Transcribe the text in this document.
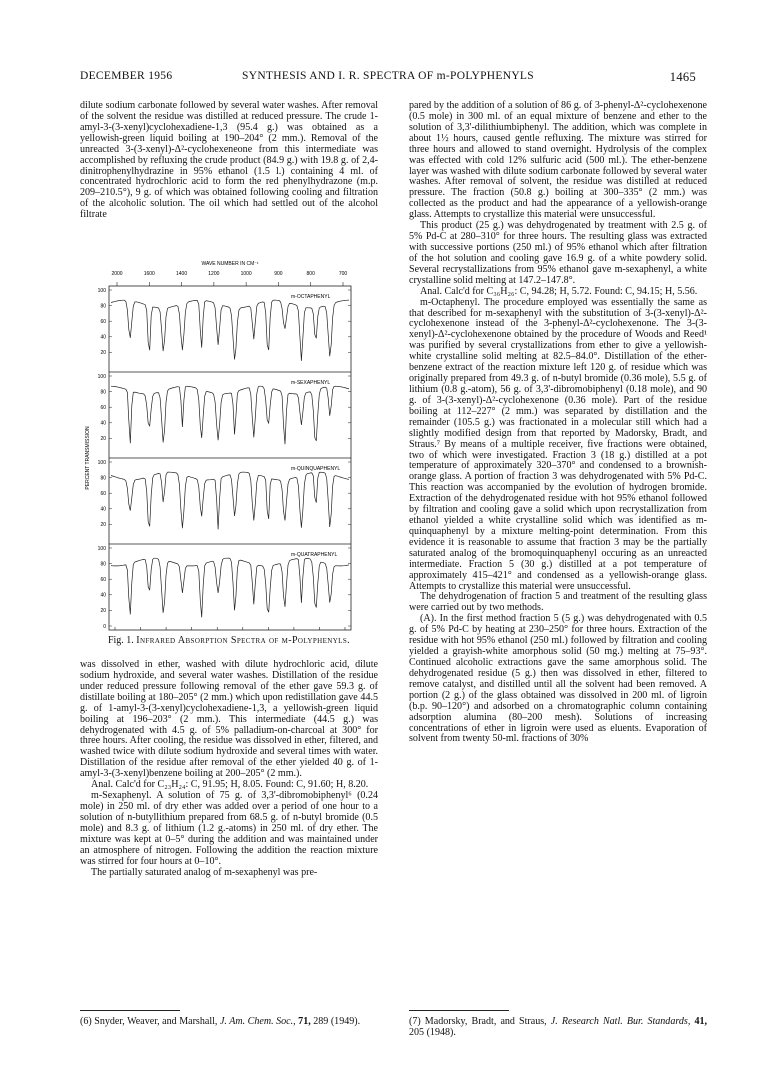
DECEMBER 1956	SYNTHESIS AND I. R. SPECTRA OF m-POLYPHENYLS	1465

dilute sodium carbonate followed by several water washes. After removal of the solvent the residue was distilled at reduced pressure. The crude 1-amyl-3-(3-xenyl)cyclohexadiene-1,3 (95.4 g.) was obtained as a yellowish-green liquid boiling at 190–204° (2 mm.). Removal of the unreacted 3-(3-xenyl)-Δ²-cyclohexeneone from this intermediate was accomplished by refluxing the crude product (84.9 g.) with 19.8 g. of 2,4-dinitrophenylhydrazine in 95% ethanol (1.5 l.) containing 4 ml. of concentrated hydrochloric acid to form the red phenylhydrazone (m.p. 209–210.5°), 9 g. of which was obtained following cooling and filtration of the alcoholic solution. The oil which had settled out of the alcohol filtrate

WAVE NUMBER IN CM⁻¹
2000	1600	1400	1200	1000	900	800	700
PERCENT TRANSMISSION
100
80
60
40
20
m-OCTAPHENYL
100
80
60
40
20
m-SEXAPHENYL
100
80
60
40
20
m-QUINQUAPHENYL
100
80
60
40
20
0
m-QUATRAPHENYL
Fig. 1. Infrared Absorption Spectra of m-Polyphenyls.

was dissolved in ether, washed with dilute hydrochloric acid, dilute sodium hydroxide, and several water washes. Distillation of the residue under reduced pressure following removal of the ether gave 59.3 g. of distillate boiling at 180–205° (2 mm.) which upon redistillation gave 44.5 g. of 1-amyl-3-(3-xenyl)cyclohexadiene-1,3, a yellowish-green liquid boiling at 196–203° (2 mm.). This intermediate (44.5 g.) was dehydrogenated with 4.5 g. of 5% palladium-on-charcoal at 300° for three hours. After cooling, the residue was dissolved in ether, filtered, and washed twice with dilute sodium hydroxide and several times with water. Distillation of the residue after removal of the ether yielded 40 g. of 1-amyl-3-(3-xenyl)benzene boiling at 200–205° (2 mm.).

Anal. Calc'd for C₂₃H₂₄: C, 91.95; H, 8.05. Found: C, 91.60; H, 8.20.

m-Sexaphenyl. A solution of 75 g. of 3,3'-dibromobiphenyl⁶ (0.24 mole) in 250 ml. of dry ether was added over a period of one hour to a solution of n-butyllithium prepared from 68.5 g. of n-butyl bromide (0.5 mole) and 8.3 g. of lithium (1.2 g.-atoms) in 250 ml. of dry ether. The mixture was kept at 0–5° during the addition and was maintained under an atmosphere of nitrogen. Following the addition the reaction mixture was stirred for four hours at 0–10°.

The partially saturated analog of m-sexaphenyl was pre-

pared by the addition of a solution of 86 g. of 3-phenyl-Δ²-cyclohexenone (0.5 mole) in 300 ml. of an equal mixture of benzene and ether to the solution of 3,3'-dilithiumbiphenyl. The addition, which was complete in about 1½ hours, caused gentle refluxing. The mixture was stirred for three hours and allowed to stand overnight. Hydrolysis of the complex was effected with cold 12% sulfuric acid (500 ml.). The ether-benzene layer was washed with dilute sodium carbonate followed by several water washes. After removal of solvent, the residue was distilled at reduced pressure. The fraction (50.8 g.) boiling at 300–335° (2 mm.) was collected as the product and had the appearance of a yellowish-orange glass. Attempts to crystallize this material were unsuccessful.

This product (25 g.) was dehydrogenated by treatment with 2.5 g. of 5% Pd-C at 280–310° for three hours. The resulting glass was extracted with successive portions (250 ml.) of 95% ethanol which after filtration of the hot solution and cooling gave 16.9 g. of a white powdery solid. Several recrystallizations from 95% ethanol gave m-sexaphenyl, a white crystalline solid melting at 147.2–147.8°.

Anal. Calc'd for C₃₆H₂₆: C, 94.28; H, 5.72. Found: C, 94.15; H, 5.56.

m-Octaphenyl. The procedure employed was essentially the same as that described for m-sexaphenyl with the substitution of 3-(3-xenyl)-Δ²-cyclohexenone instead of the 3-phenyl-Δ²-cyclohexenone. The 3-(3-xenyl)-Δ²-cyclohexenone obtained by the procedure of Woods and Reed¹ was purified by several crystallizations from ether to give a yellowish-white crystalline solid melting at 82.5–84.0°. Distillation of the ether-benzene extract of the reaction mixture left 120 g. of residue which was originally prepared from 49.3 g. of n-butyl bromide (0.36 mole), 5.5 g. of lithium (0.8 g.-atom), 56 g. of 3,3'-dibromobiphenyl (0.18 mole), and 90 g. of 3-(3-xenyl)-Δ²-cyclohexenone (0.36 mole). Part of the residue boiling at 112–227° (2 mm.) was separated by distillation and the remainder (105.5 g.) was fractionated in a molecular still which had a slightly modified design from that reported by Madorsky, Bradt, and Straus.⁷ By means of a multiple receiver, five fractions were obtained, two of which were investigated. Fraction 3 (18 g.) distilled at a pot temperature of approximately 320–370° and condensed to a brownish-orange glass. A portion of fraction 3 was dehydrogenated with 5% Pd-C. This reaction was accompanied by the evolution of hydrogen bromide. Extraction of the dehydrogenated residue with hot 95% ethanol followed by filtration and cooling gave a solid which upon recrystallization from ethanol yielded a white crystalline solid which was identified as m-quinquaphenyl by a mixture melting-point determination. From this evidence it is reasonable to assume that fraction 3 may be the partially saturated analog of the bromoquinquaphenyl occuring as an unreacted intermediate. Fraction 5 (30 g.) distilled at a pot temperature of approximately 415–421° and condensed as a yellowish-orange glass. Attempts to crystallize this material were unsuccessful.

The dehydrogenation of fraction 5 and treatment of the resulting glass were carried out by two methods.

(A). In the first method fraction 5 (5 g.) was dehydrogenated with 0.5 g. of 5% Pd-C by heating at 230–250° for three hours. Extraction of the residue with hot 95% ethanol (250 ml.) followed by filtration and cooling yielded a grayish-white amorphous solid (50 mg.) melting at 75–93°. Continued alcoholic extractions gave the same amorphous solid. The dehydrogenated residue (5 g.) then was dissolved in ether, filtered to remove catalyst, and distilled until all the solvent had been removed. A portion (2 g.) of the glass obtained was dissolved in 200 ml. of ligroin (b.p. 90–120°) and adsorbed on a chromatographic column containing adsorption alumina (80–200 mesh). Solutions of increasing concentrations of ether in ligroin were used as eluents. Evaporation of solvent from twenty 50-ml. fractions of 30%

(6) Snyder, Weaver, and Marshall, J. Am. Chem. Soc., 71, 289 (1949).	(7) Madorsky, Bradt, and Straus, J. Research Natl. Bur. Standards, 41, 205 (1948).
